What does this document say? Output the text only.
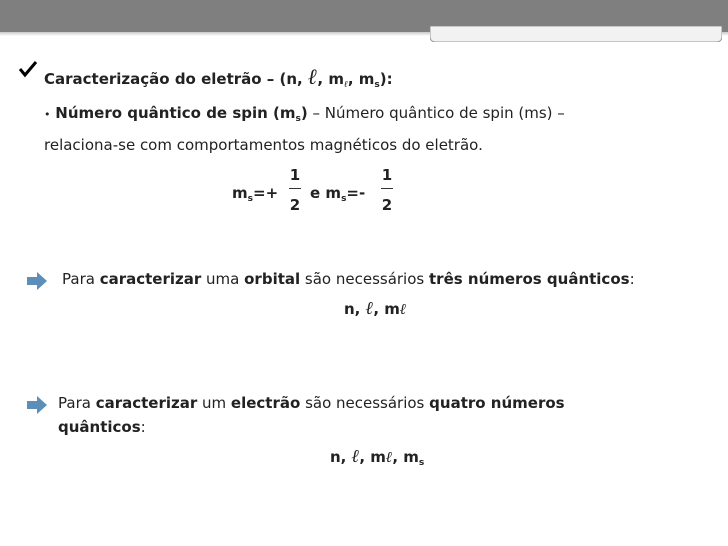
Caracterização do eletrão – (n, ℓ, $m_\ell$, $m_s$):
• Número quântico de spin $(m_s)$ – Número quântico de spin (ms) –
relaciona-se com comportamentos magnéticos do eletrão.
$m_s=+$
1
2
e $m_s=-$
1
2
Para caracterizar uma orbital são necessários três números quânticos:
n, ℓ, mℓ
Para caracterizar um electrão são necessários quatro números
quânticos:
n, ℓ, mℓ, $m_s$
